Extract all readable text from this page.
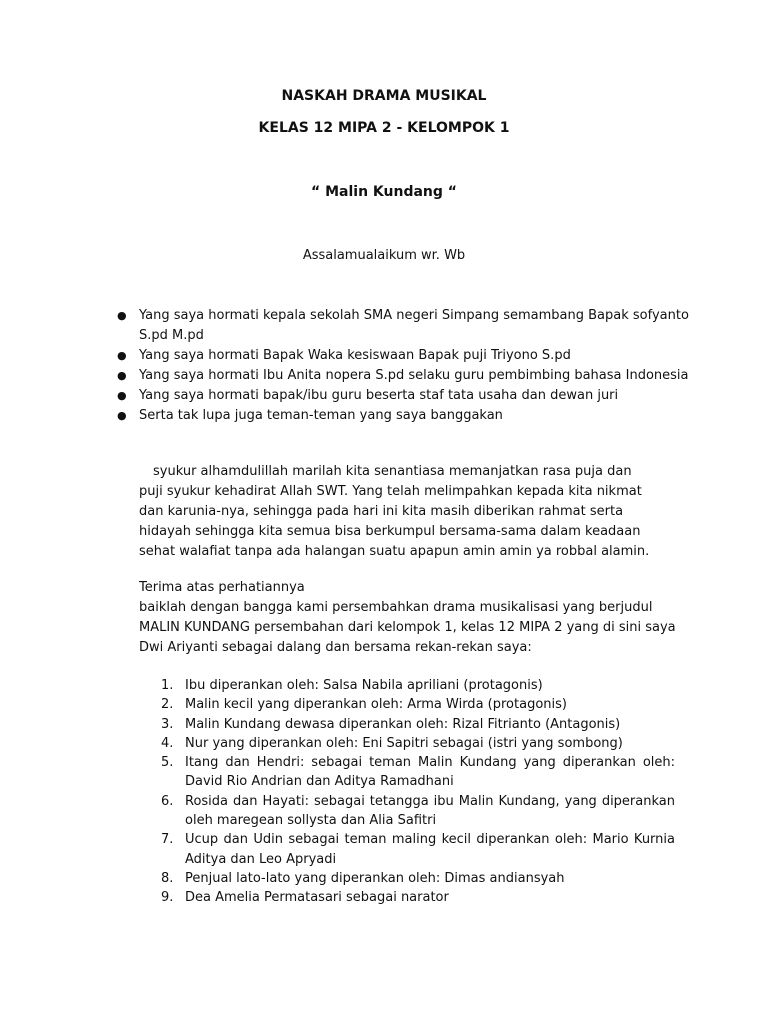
NASKAH DRAMA MUSIKAL
KELAS 12 MIPA 2 - KELOMPOK 1
“ Malin Kundang “
Assalamualaikum wr. Wb
● Yang saya hormati kepala sekolah SMA negeri Simpang semambang Bapak sofyanto S.pd M.pd
● Yang saya hormati Bapak Waka kesiswaan Bapak puji Triyono S.pd
● Yang saya hormati Ibu Anita nopera S.pd selaku guru pembimbing bahasa Indonesia
● Yang saya hormati bapak/ibu guru beserta staf tata usaha dan dewan juri
● Serta tak lupa juga teman-teman yang saya banggakan

syukur alhamdulillah marilah kita senantiasa memanjatkan rasa puja dan puji syukur kehadirat Allah SWT. Yang telah melimpahkan kepada kita nikmat dan karunia-nya, sehingga pada hari ini kita masih diberikan rahmat serta hidayah sehingga kita semua bisa berkumpul bersama-sama dalam keadaan sehat walafiat tanpa ada halangan suatu apapun amin amin ya robbal alamin.

Terima atas perhatiannya

baiklah dengan bangga kami persembahkan drama musikalisasi yang berjudul MALIN KUNDANG persembahan dari kelompok 1, kelas 12 MIPA 2 yang di sini saya Dwi Ariyanti sebagai dalang dan bersama rekan-rekan saya:

1. Ibu diperankan oleh: Salsa Nabila apriliani (protagonis)
2. Malin kecil yang diperankan oleh: Arma Wirda (protagonis)
3. Malin Kundang dewasa diperankan oleh: Rizal Fitrianto (Antagonis)
4. Nur yang diperankan oleh: Eni Sapitri sebagai (istri yang sombong)
5. Itang dan Hendri: sebagai teman Malin Kundang yang diperankan oleh: David Rio Andrian dan Aditya Ramadhani
6. Rosida dan Hayati: sebagai tetangga ibu Malin Kundang, yang diperankan oleh maregean sollysta dan Alia Safitri
7. Ucup dan Udin sebagai teman maling kecil diperankan oleh: Mario Kurnia Aditya dan Leo Apryadi
8. Penjual lato-lato yang diperankan oleh: Dimas andiansyah
9. Dea Amelia Permatasari sebagai narator
